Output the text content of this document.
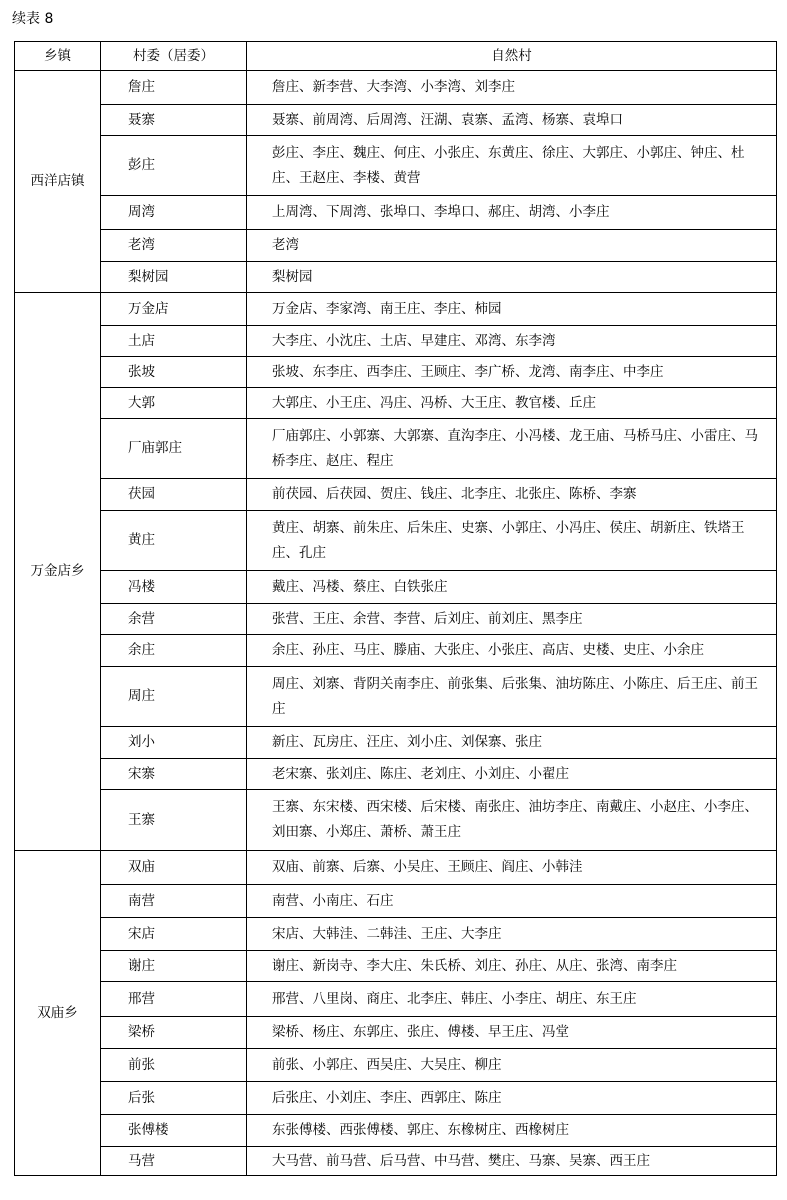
续表 8
乡镇	村委（居委）	自然村
西洋店镇	詹庄	詹庄、新李营、大李湾、小李湾、刘李庄
	聂寨	聂寨、前周湾、后周湾、汪湖、袁寨、孟湾、杨寨、袁埠口
	彭庄	彭庄、李庄、魏庄、何庄、小张庄、东黄庄、徐庄、大郭庄、小郭庄、钟庄、杜庄、王赵庄、李楼、黄营
	周湾	上周湾、下周湾、张埠口、李埠口、郝庄、胡湾、小李庄
	老湾	老湾
	梨树园	梨树园
万金店乡	万金店	万金店、李家湾、南王庄、李庄、柿园
	土店	大李庄、小沈庄、土店、早建庄、邓湾、东李湾
	张坡	张坡、东李庄、西李庄、王顾庄、李广桥、龙湾、南李庄、中李庄
	大郭	大郭庄、小王庄、冯庄、冯桥、大王庄、教官楼、丘庄
	厂庙郭庄	厂庙郭庄、小郭寨、大郭寨、直沟李庄、小冯楼、龙王庙、马桥马庄、小雷庄、马桥李庄、赵庄、程庄
	茯园	前茯园、后茯园、贺庄、钱庄、北李庄、北张庄、陈桥、李寨
	黄庄	黄庄、胡寨、前朱庄、后朱庄、史寨、小郭庄、小冯庄、侯庄、胡新庄、铁塔王庄、孔庄
	冯楼	戴庄、冯楼、蔡庄、白铁张庄
	余营	张营、王庄、余营、李营、后刘庄、前刘庄、黑李庄
	余庄	余庄、孙庄、马庄、滕庙、大张庄、小张庄、高店、史楼、史庄、小余庄
	周庄	周庄、刘寨、背阴关南李庄、前张集、后张集、油坊陈庄、小陈庄、后王庄、前王庄
	刘小	新庄、瓦房庄、汪庄、刘小庄、刘保寨、张庄
	宋寨	老宋寨、张刘庄、陈庄、老刘庄、小刘庄、小翟庄
	王寨	王寨、东宋楼、西宋楼、后宋楼、南张庄、油坊李庄、南戴庄、小赵庄、小李庄、刘田寨、小郑庄、萧桥、萧王庄
双庙乡	双庙	双庙、前寨、后寨、小吴庄、王顾庄、阎庄、小韩洼
	南营	南营、小南庄、石庄
	宋店	宋店、大韩洼、二韩洼、王庄、大李庄
	谢庄	谢庄、新岗寺、李大庄、朱氏桥、刘庄、孙庄、从庄、张湾、南李庄
	邢营	邢营、八里岗、商庄、北李庄、韩庄、小李庄、胡庄、东王庄
	梁桥	梁桥、杨庄、东郭庄、张庄、傅楼、早王庄、冯堂
	前张	前张、小郭庄、西吴庄、大吴庄、柳庄
	后张	后张庄、小刘庄、李庄、西郭庄、陈庄
	张傅楼	东张傅楼、西张傅楼、郭庄、东橡树庄、西橡树庄
	马营	大马营、前马营、后马营、中马营、樊庄、马寨、吴寨、西王庄
